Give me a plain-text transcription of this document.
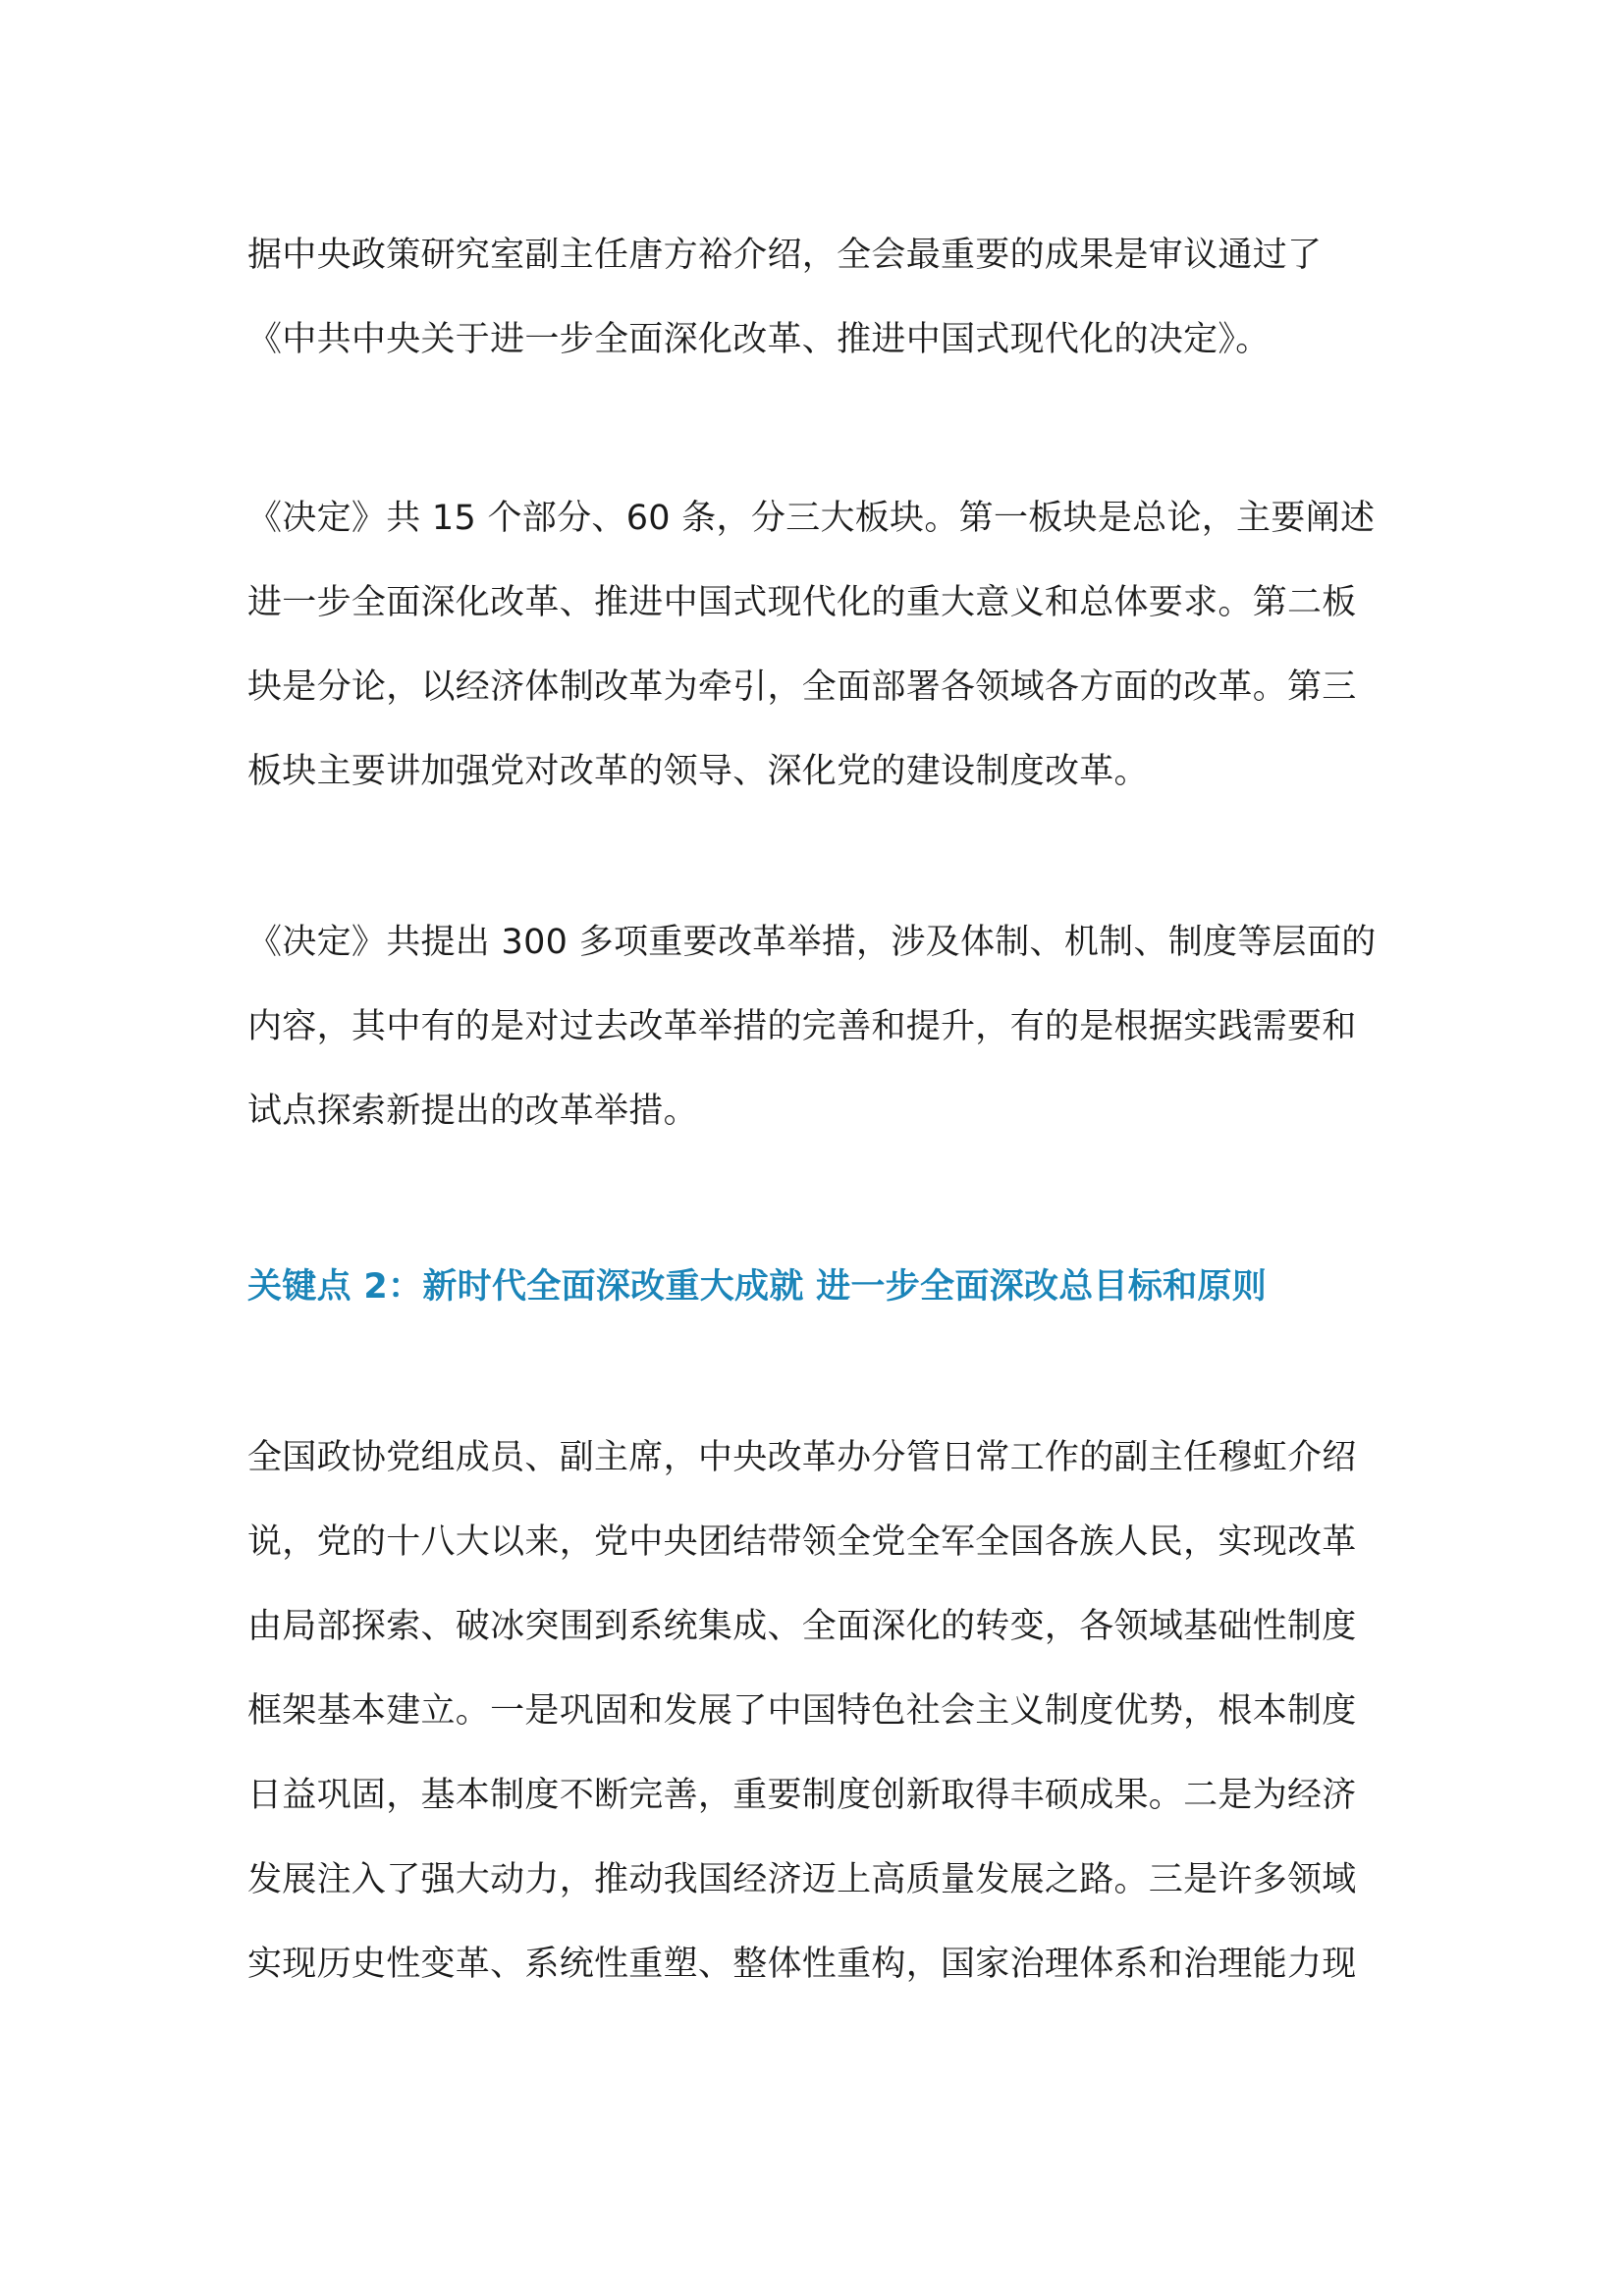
据中央政策研究室副主任唐方裕介绍，全会最重要的成果是审议通过了
《中共中央关于进一步全面深化改革、推进中国式现代化的决定》。
《决定》共 15 个部分、60 条，分三大板块。第一板块是总论，主要阐述
进一步全面深化改革、推进中国式现代化的重大意义和总体要求。第二板
块是分论，以经济体制改革为牵引，全面部署各领域各方面的改革。第三
板块主要讲加强党对改革的领导、深化党的建设制度改革。
《决定》共提出 300 多项重要改革举措，涉及体制、机制、制度等层面的
内容，其中有的是对过去改革举措的完善和提升，有的是根据实践需要和
试点探索新提出的改革举措。
关键点 2：新时代全面深改重大成就 进一步全面深改总目标和原则
全国政协党组成员、副主席，中央改革办分管日常工作的副主任穆虹介绍
说，党的十八大以来，党中央团结带领全党全军全国各族人民，实现改革
由局部探索、破冰突围到系统集成、全面深化的转变，各领域基础性制度
框架基本建立。一是巩固和发展了中国特色社会主义制度优势，根本制度
日益巩固，基本制度不断完善，重要制度创新取得丰硕成果。二是为经济
发展注入了强大动力，推动我国经济迈上高质量发展之路。三是许多领域
实现历史性变革、系统性重塑、整体性重构，国家治理体系和治理能力现
